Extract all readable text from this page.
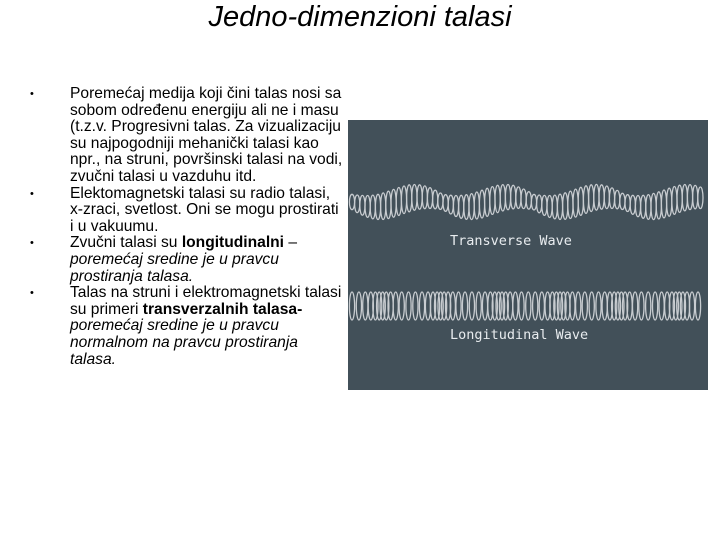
Jedno-dimenzioni talasi
• Poremećaj medija koji čini talas nosi sa sobom određenu energiju ali ne i masu (t.z.v. Progresivni talas. Za vizualizaciju su najpogodniji mehanički talasi kao npr., na struni, površinski talasi na vodi, zvučni talasi u vazduhu itd.
• Elektomagnetski talasi su radio talasi, x-zraci, svetlost. Oni se mogu prostirati i u vakuumu.
• Zvučni talasi su longitudinalni – poremećaj sredine je u pravcu prostiranja talasa.
• Talas na struni i elektromagnetski talasi su primeri transverzalnih talasa-poremećaj sredine je u pravcu normalnom na pravcu prostiranja talasa.
Transverse Wave
Longitudinal Wave
